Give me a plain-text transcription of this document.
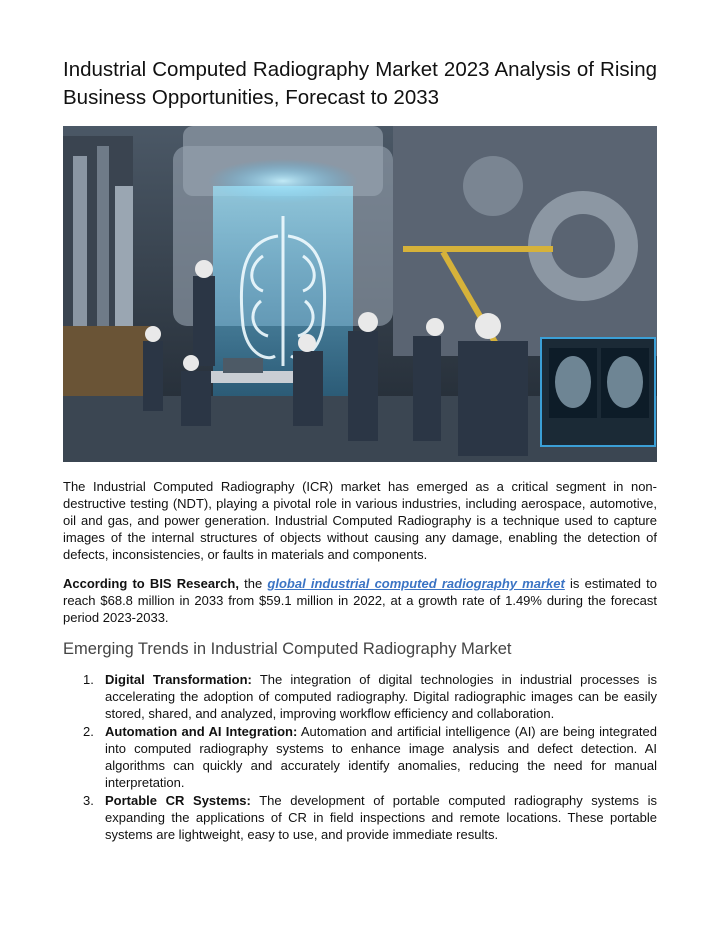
Industrial Computed Radiography Market 2023 Analysis of Rising Business Opportunities, Forecast to 2033

The Industrial Computed Radiography (ICR) market has emerged as a critical segment in non-destructive testing (NDT), playing a pivotal role in various industries, including aerospace, automotive, oil and gas, and power generation. Industrial Computed Radiography is a technique used to capture images of the internal structures of objects without causing any damage, enabling the detection of defects, inconsistencies, or faults in materials and components.

According to BIS Research, the global industrial computed radiography market is estimated to reach $68.8 million in 2033 from $59.1 million in 2022, at a growth rate of 1.49% during the forecast period 2023-2033.

Emerging Trends in Industrial Computed Radiography Market
1. Digital Transformation: The integration of digital technologies in industrial processes is accelerating the adoption of computed radiography. Digital radiographic images can be easily stored, shared, and analyzed, improving workflow efficiency and collaboration.
2. Automation and AI Integration: Automation and artificial intelligence (AI) are being integrated into computed radiography systems to enhance image analysis and defect detection. AI algorithms can quickly and accurately identify anomalies, reducing the need for manual interpretation.
3. Portable CR Systems: The development of portable computed radiography systems is expanding the applications of CR in field inspections and remote locations. These portable systems are lightweight, easy to use, and provide immediate results.
